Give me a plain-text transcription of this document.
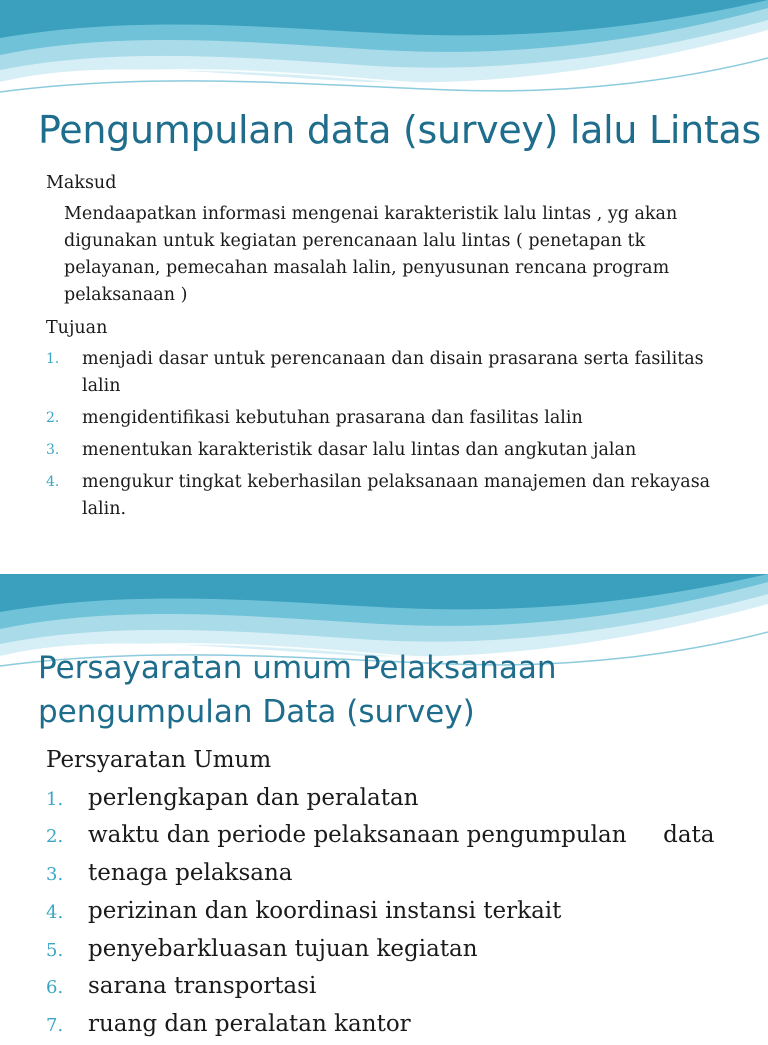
Pengumpulan data (survey) lalu Lintas

Maksud

Mendaapatkan informasi mengenai karakteristik lalu lintas , yg akan digunakan untuk kegiatan perencanaan lalu lintas ( penetapan tk pelayanan, pemecahan masalah lalin, penyusunan rencana program pelaksanaan )

Tujuan

1. menjadi dasar untuk perencanaan dan disain prasarana serta fasilitas lalin
2. mengidentifikasi kebutuhan prasarana dan fasilitas lalin
3. menentukan karakteristik dasar lalu lintas dan angkutan jalan
4. mengukur tingkat keberhasilan pelaksanaan manajemen dan rekayasa lalin.
Persayaratan umum Pelaksanaan pengumpulan Data (survey)

Persyaratan Umum

1. perlengkapan dan peralatan
2. waktu dan periode pelaksanaan pengumpulan     data
3. tenaga pelaksana
4. perizinan dan koordinasi instansi terkait
5. penyebarkluasan tujuan kegiatan
6. sarana transportasi
7. ruang dan peralatan kantor
